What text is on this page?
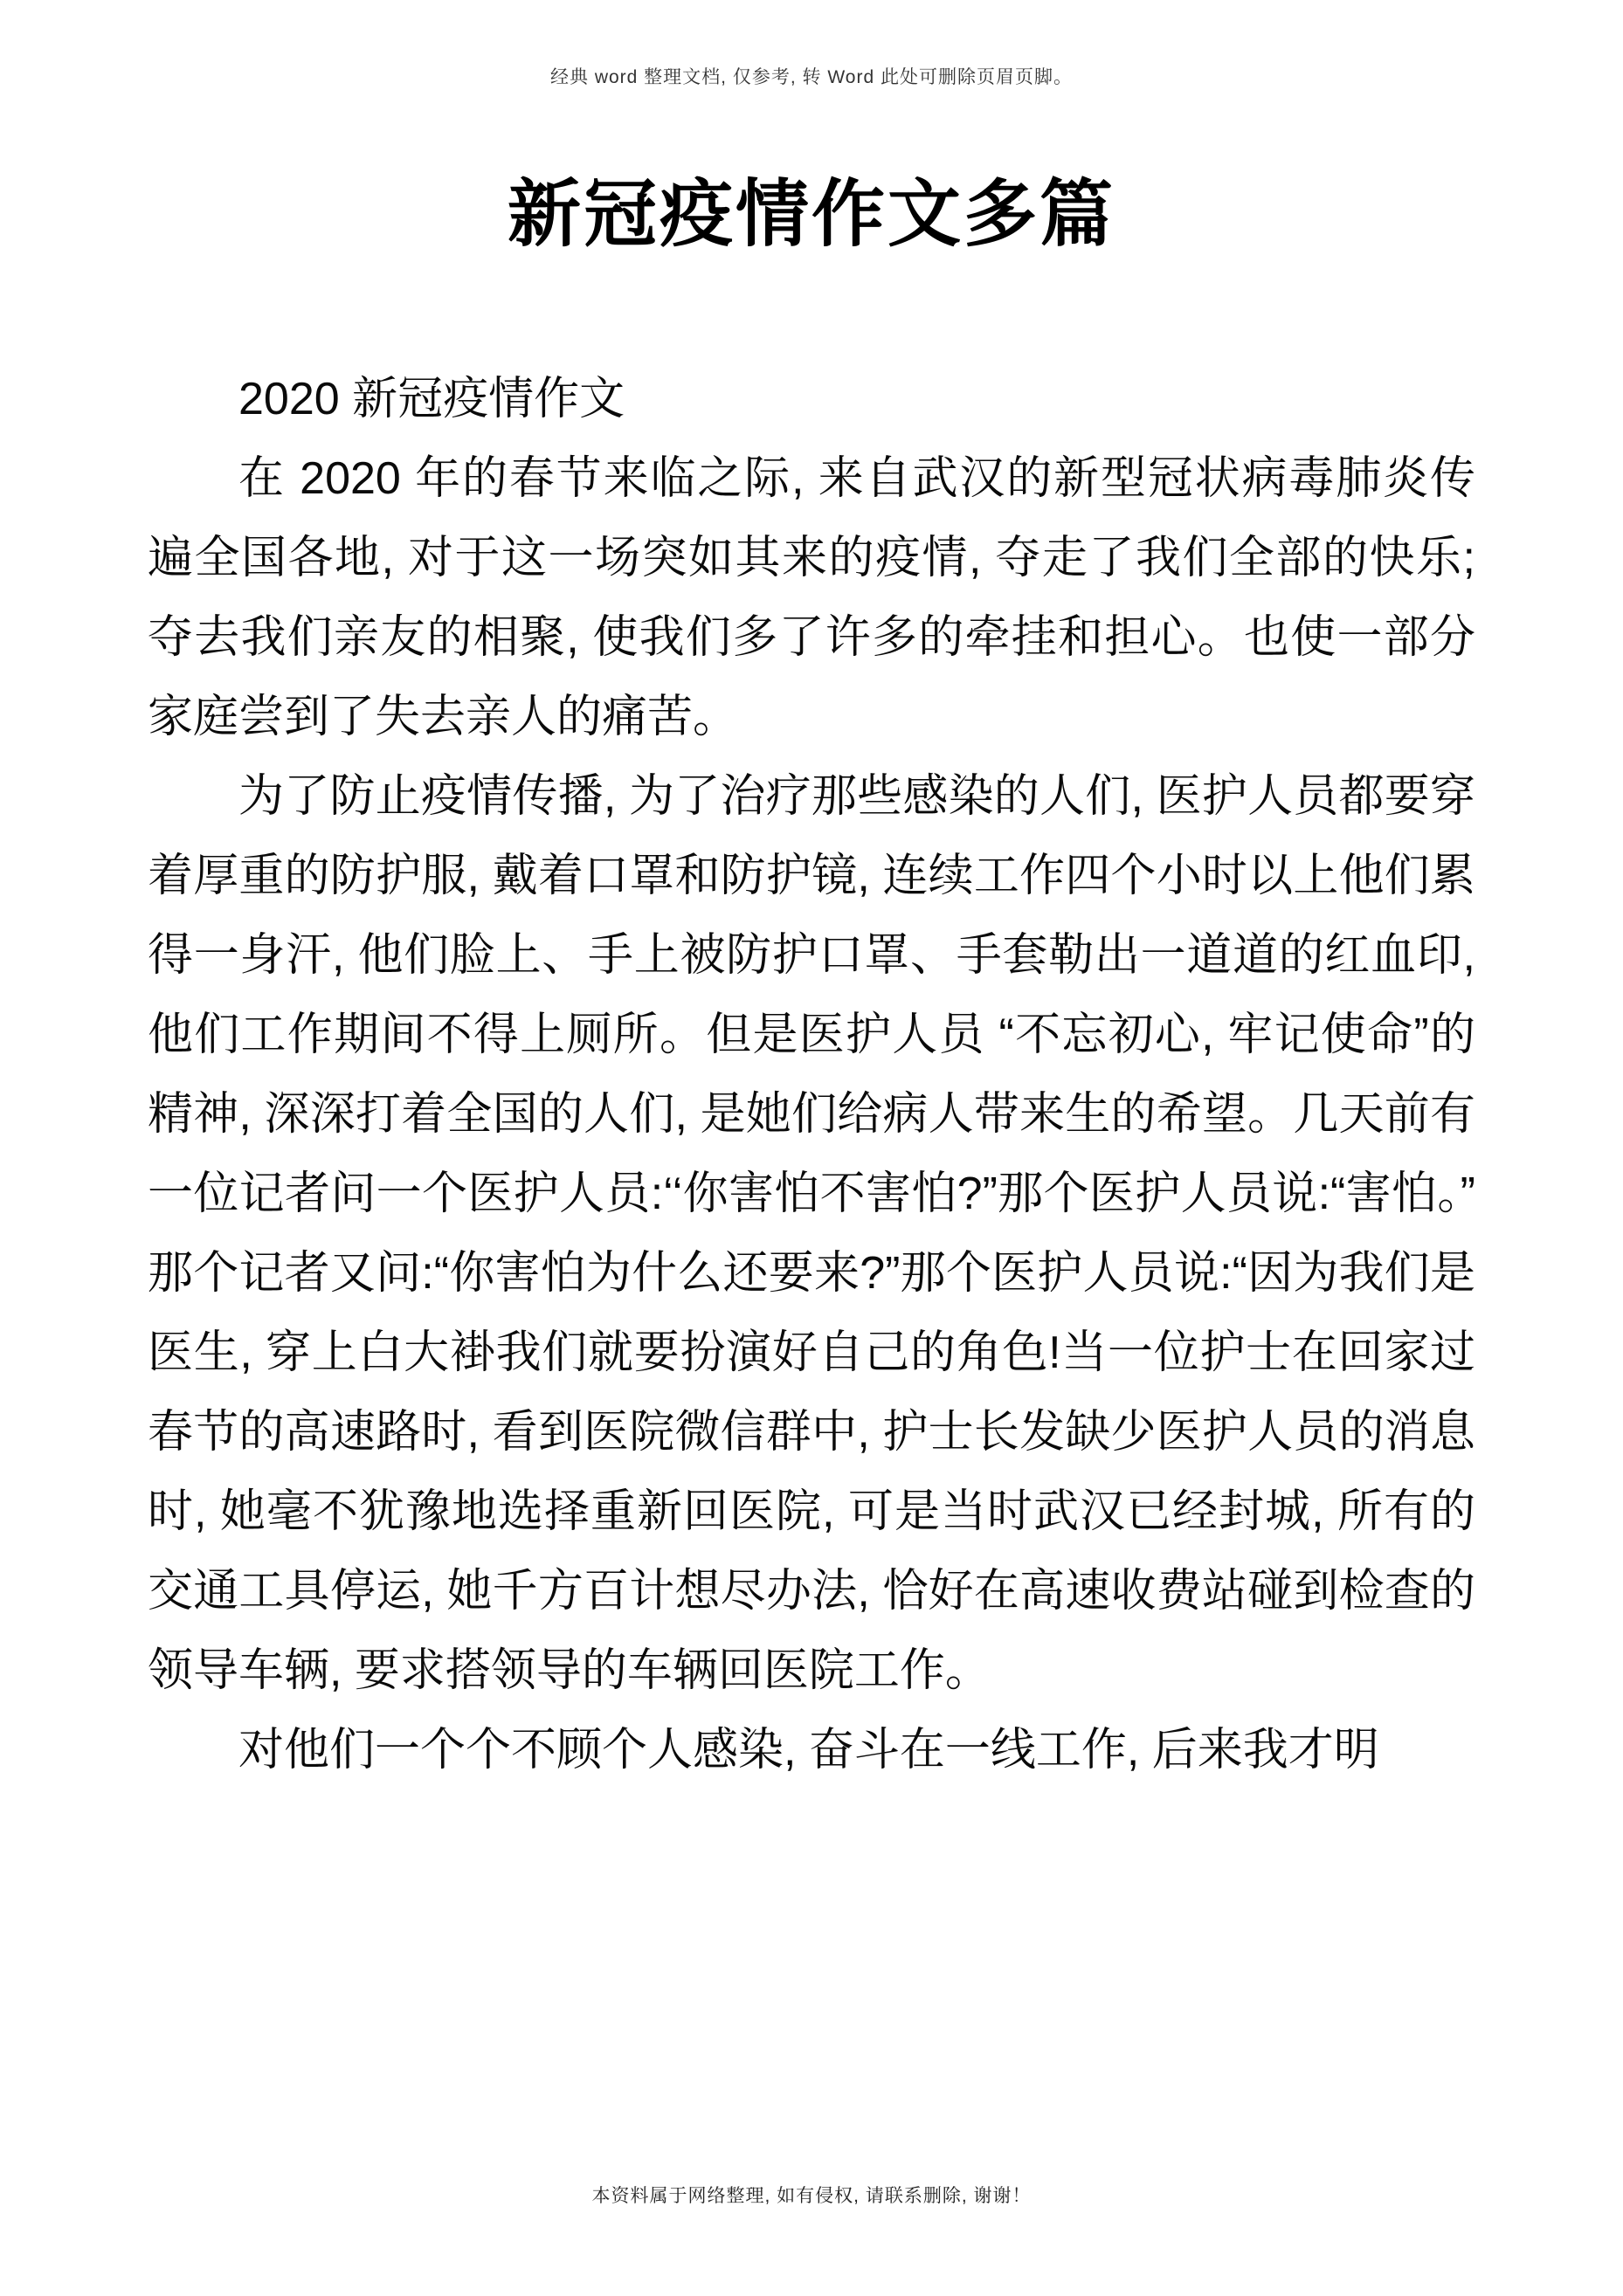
经典 word 整理文档, 仅参考, 转 Word 此处可删除页眉页脚。
新冠疫情作文多篇

2020 新冠疫情作文

在 2020 年的春节来临之际, 来自武汉的新型冠状病毒肺炎传遍全国各地, 对于这一场突如其来的疫情, 夺走了我们全部的快乐;夺去我们亲友的相聚, 使我们多了许多的牵挂和担心。也使一部分家庭尝到了失去亲人的痛苦。

为了防止疫情传播, 为了治疗那些感染的人们, 医护人员都要穿着厚重的防护服, 戴着口罩和防护镜, 连续工作四个小时以上他们累得一身汗, 他们脸上、手上被防护口罩、手套勒出一道道的红血印, 他们工作期间不得上厕所。但是医护人员 “不忘初心, 牢记使命”的精神, 深深打着全国的人们, 是她们给病人带来生的希望。几天前有一位记者问一个医护人员:‘‘你害怕不害怕?”那个医护人员说:“害怕。”那个记者又问:“你害怕为什么还要来?”那个医护人员说:“因为我们是医生, 穿上白大褂我们就要扮演好自己的角色!当一位护士在回家过春节的高速路时, 看到医院微信群中, 护士长发缺少医护人员的消息时, 她毫不犹豫地选择重新回医院, 可是当时武汉已经封城, 所有的交通工具停运, 她千方百计想尽办法, 恰好在高速收费站碰到检查的领导车辆, 要求搭领导的车辆回医院工作。

对他们一个个不顾个人感染, 奋斗在一线工作, 后来我才明

本资料属于网络整理, 如有侵权, 请联系删除, 谢谢！
